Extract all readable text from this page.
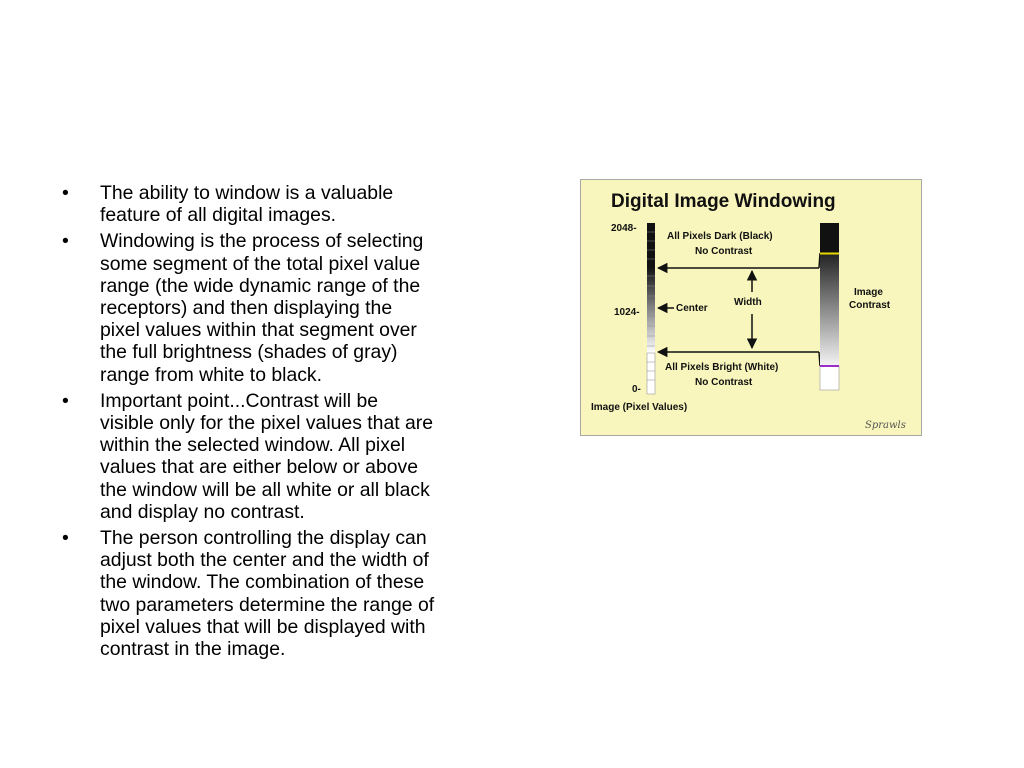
• The ability to window is a valuable
feature of all digital images.
• Windowing is the process of selecting
some segment of the total pixel value
range (the wide dynamic range of the
receptors) and then displaying the
pixel values within that segment over
the full brightness (shades of gray)
range from white to black.
• Important point...Contrast will be
visible only for the pixel values that are
within the selected window. All pixel
values that are either below or above
the window will be all white or all black
and display no contrast.
• The person controlling the display can
adjust both the center and the width of
the window. The combination of these
two parameters determine the range of
pixel values that will be displayed with
contrast in the image.
Digital Image Windowing
2048-
1024-
0-
All Pixels Dark (Black)
No Contrast
Center
Width
All Pixels Bright (White)
No Contrast
Image
Contrast
Image (Pixel Values)
Sprawls
